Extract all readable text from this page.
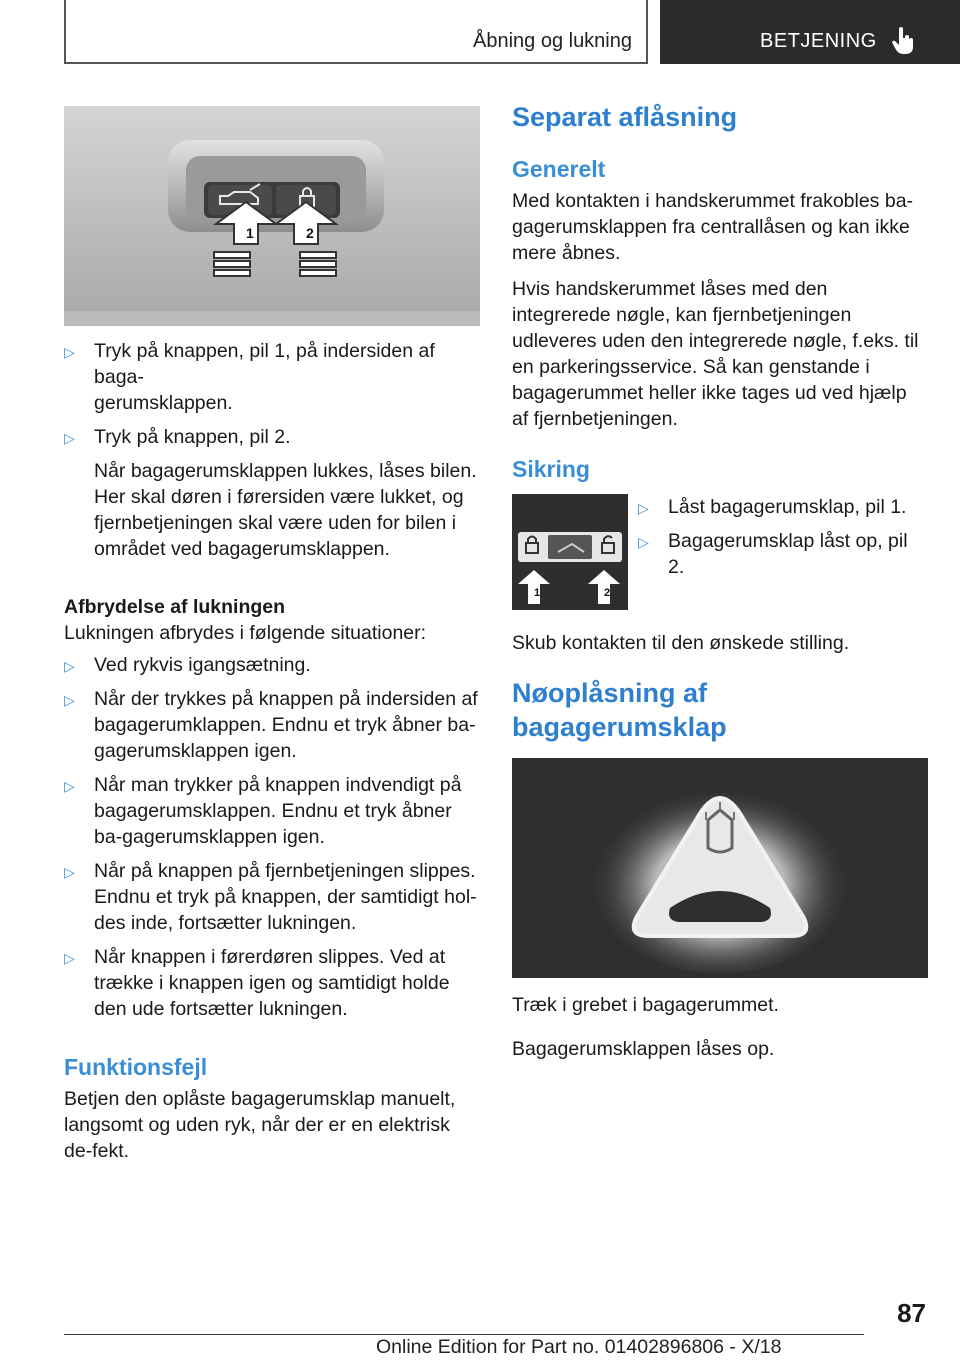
Åbning og lukning	BETJENING
1	2
▷ Tryk på knappen, pil 1, på indersiden af baga-
gerumsklappen.
▷ Tryk på knappen, pil 2.
Når bagagerumsklappen lukkes, låses bilen. Her skal døren i førersiden være lukket, og fjernbetjeningen skal være uden for bilen i området ved bagagerumsklappen.
Afbrydelse af lukningen

Lukningen afbrydes i følgende situationer:

▷ Ved rykvis igangsætning.
▷ Når der trykkes på knappen på indersiden af bagagerumklappen. Endnu et tryk åbner ba-gagerumsklappen igen.
▷ Når man trykker på knappen indvendigt på bagagerumsklappen. Endnu et tryk åbner ba-gagerumsklappen igen.
▷ Når på knappen på fjernbetjeningen slippes. Endnu et tryk på knappen, der samtidigt hol-des inde, fortsætter lukningen.
▷ Når knappen i førerdøren slippes. Ved at trække i knappen igen og samtidigt holde den ude fortsætter lukningen.
Funktionsfejl

Betjen den oplåste bagagerumsklap manuelt, langsomt og uden ryk, når der er en elektrisk de-fekt.

Separat aflåsning
Generelt

Med kontakten i handskerummet frakobles ba-gagerumsklappen fra centrallåsen og kan ikke mere åbnes.

Hvis handskerummet låses med den integrerede nøgle, kan fjernbetjeningen udleveres uden den integrerede nøgle, f.eks. til en parkeringsservice. Så kan genstande i bagagerummet heller ikke tages ud ved hjælp af fjernbetjeningen.

Sikring
1	2
▷ Låst bagagerumsklap, pil 1.
▷ Bagagerumsklap låst op, pil 2.

Skub kontakten til den ønskede stilling.

Nøoplåsning af bagagerumsklap

Træk i grebet i bagagerummet.

Bagagerumsklappen låses op.

87
Online Edition for Part no. 01402896806 - X/18
